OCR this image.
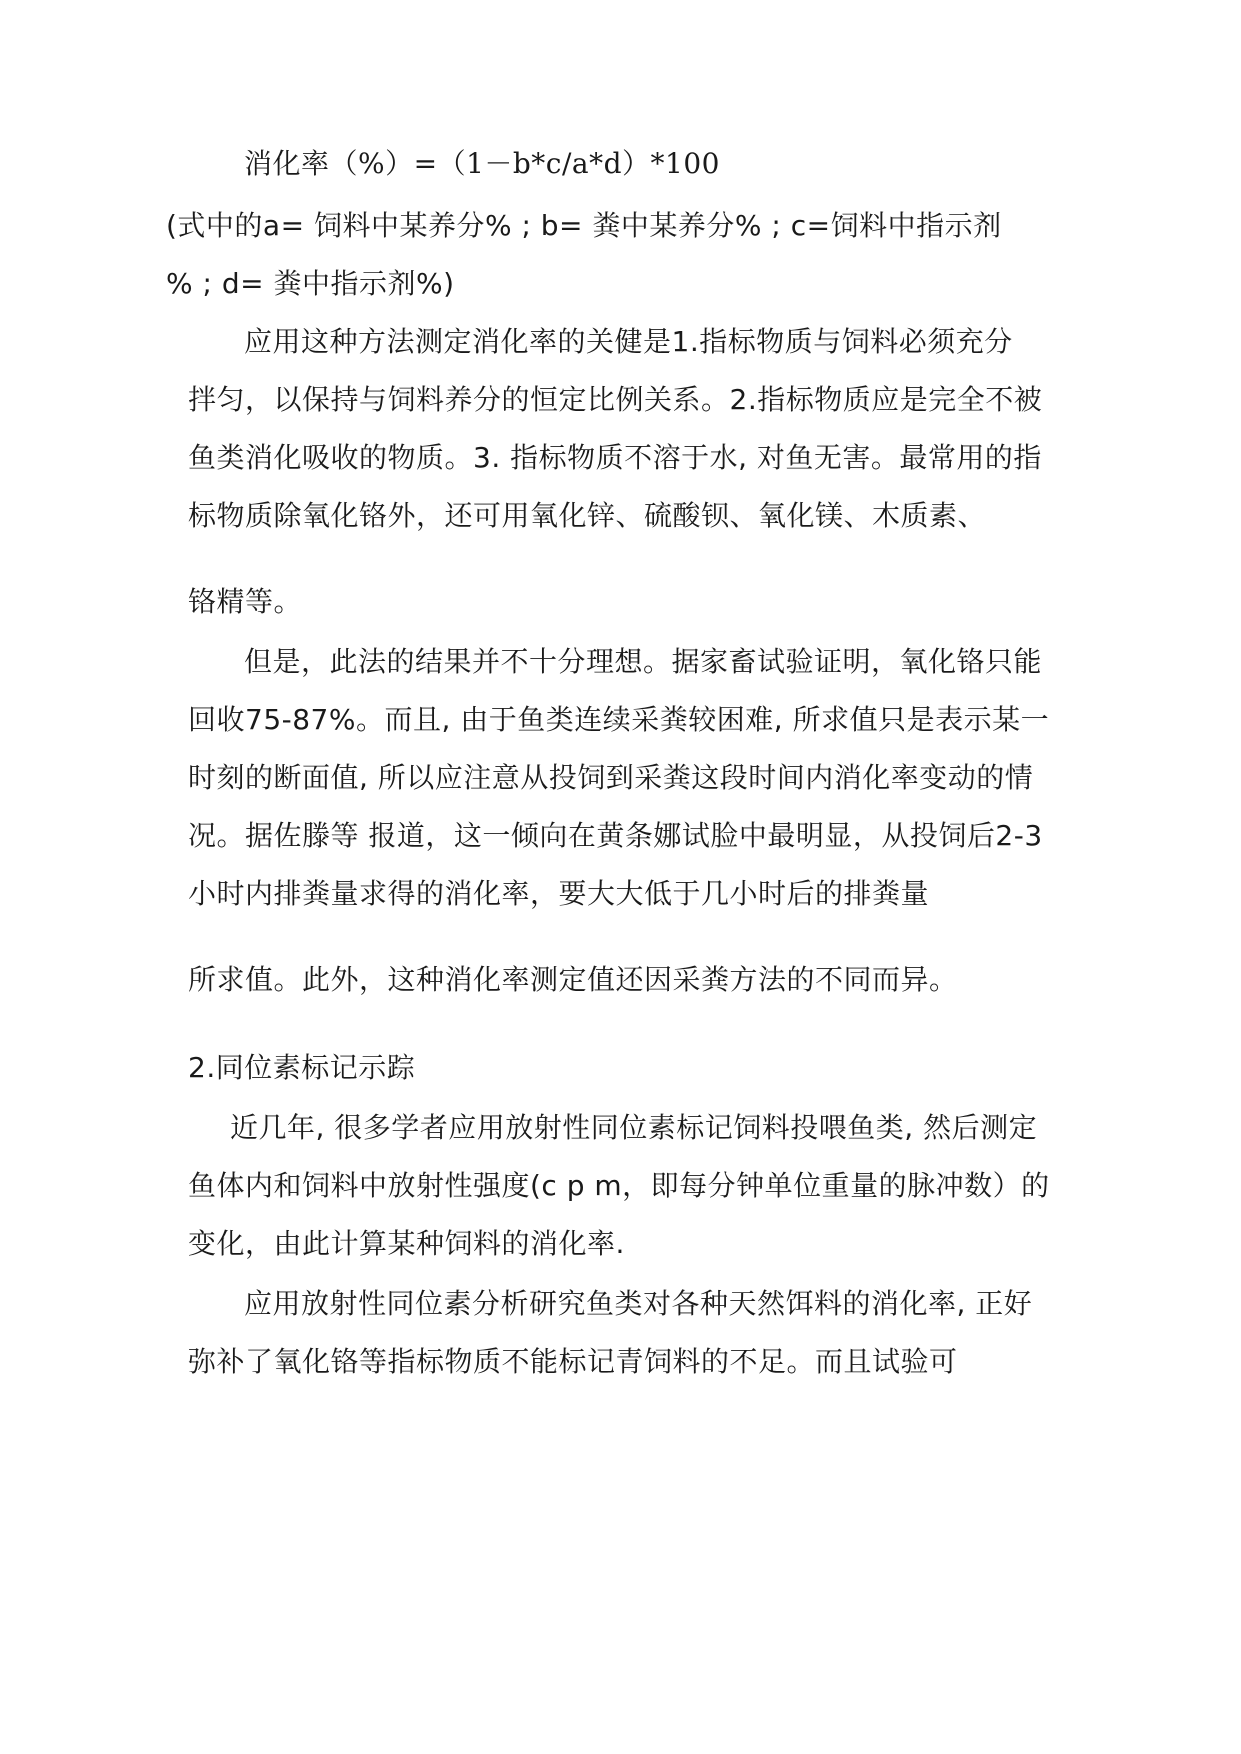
消化率（%）=（1－b*c/a*d）*100
(式中的a= 饲料中某养分% ; b= 粪中某养分% ; c=饲料中指示剂
% ; d= 粪中指示剂%)
应用这种方法测定消化率的关健是1.指标物质与饲料必须充分
拌匀，以保持与饲料养分的恒定比例关系。2.指标物质应是完全不被
鱼类消化吸收的物质。3. 指标物质不溶于水, 对鱼无害。最常用的指
标物质除氧化铬外，还可用氧化锌、硫酸钡、氧化镁、木质素、
铬精等。
但是，此法的结果并不十分理想。据家畜试验证明，氧化铬只能
回收75-87%。而且, 由于鱼类连续采粪较困难, 所求值只是表示某一
时刻的断面值, 所以应注意从投饲到采粪这段时间内消化率变动的情
况。据佐滕等 报道，这一倾向在黄条娜试脸中最明显，从投饲后2-3
小时内排粪量求得的消化率，要大大低于几小时后的排粪量
所求值。此外，这种消化率测定值还因采粪方法的不同而异。
2.同位素标记示踪
近几年, 很多学者应用放射性同位素标记饲料投喂鱼类, 然后测定
鱼体内和饲料中放射性强度(c p m，即每分钟单位重量的脉冲数）的
变化，由此计算某种饲料的消化率.
应用放射性同位素分析研究鱼类对各种天然饵料的消化率, 正好
弥补了氧化铬等指标物质不能标记青饲料的不足。而且试验可
